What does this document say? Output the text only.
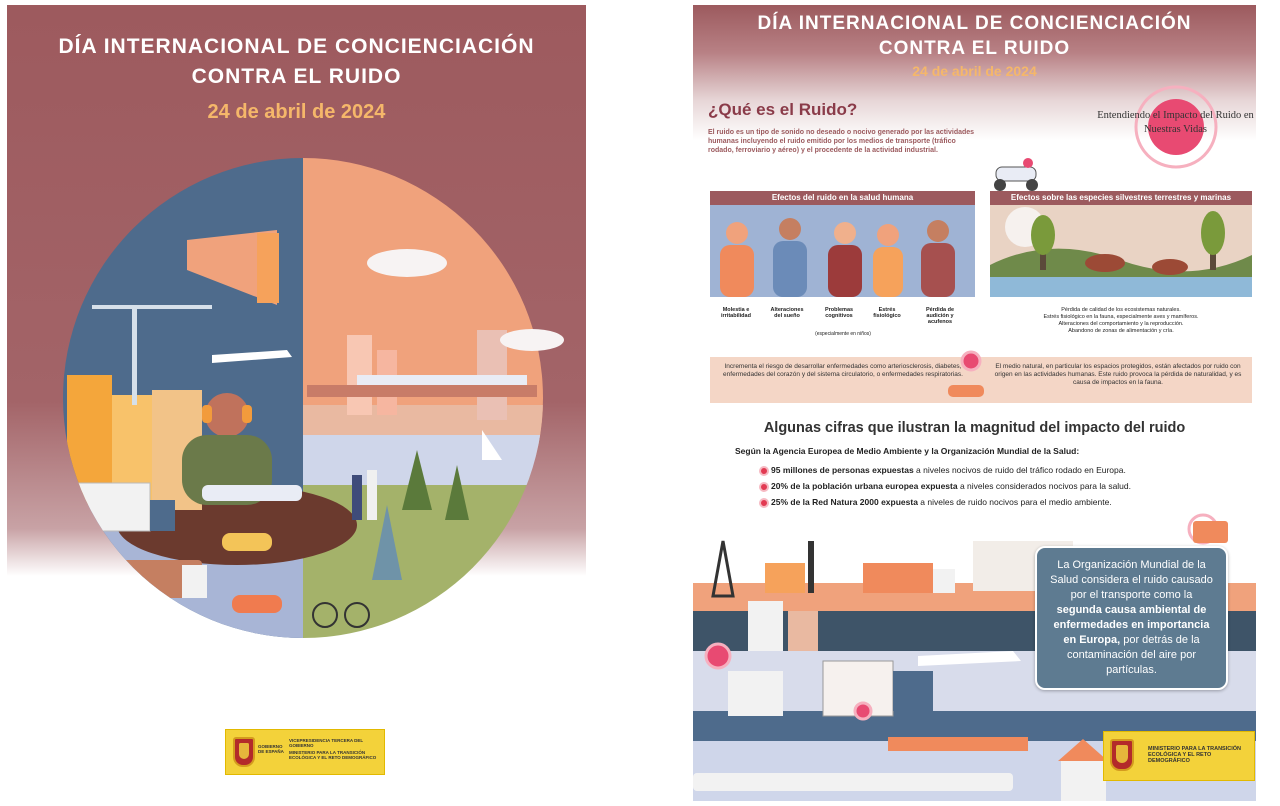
DÍA INTERNACIONAL DE CONCIENCIACIÓN
CONTRA EL RUIDO
24 de abril de 2024
GOBIERNO DE ESPAÑA
VICEPRESIDENCIA TERCERA DEL GOBIERNO
MINISTERIO PARA LA TRANSICIÓN ECOLÓGICA Y EL RETO DEMOGRÁFICO
DÍA INTERNACIONAL DE CONCIENCIACIÓN
CONTRA EL RUIDO
24 de abril de 2024
¿Qué es el Ruido?
El ruido es un tipo de sonido no deseado o nocivo generado por las actividades humanas incluyendo el ruido emitido por los medios de transporte (tráfico rodado, ferroviario y aéreo) y el procedente de la actividad industrial.
Entendiendo el Impacto del Ruido en Nuestras Vidas
Efectos del ruido en la salud humana
Molestia e irritabilidad
Alteraciones del sueño
Problemas cognitivos
Estrés fisiológico
Pérdida de audición y acufenos
(especialmente en niños)
Efectos sobre las especies silvestres terrestres y marinas
Pérdida de calidad de los ecosistemas naturales.
Estrés fisiológico en la fauna, especialmente aves y mamíferos.
Alteraciones del comportamiento y la reproducción.
Abandono de zonas de alimentación y cría.
Incrementa el riesgo de desarrollar enfermedades como arteriosclerosis, diabetes, enfermedades del corazón y del sistema circulatorio, o enfermedades respiratorias.
El medio natural, en particular los espacios protegidos, están afectados por ruido con origen en las actividades humanas. Este ruido provoca la pérdida de naturalidad, y es causa de impactos en la fauna.
Algunas cifras que ilustran la magnitud del impacto del ruido
Según la Agencia Europea de Medio Ambiente y la Organización Mundial de la Salud:
95 millones de personas expuestas a niveles nocivos de ruido del tráfico rodado en Europa.
20% de la población urbana europea expuesta a niveles considerados nocivos para la salud.
25% de la Red Natura 2000 expuesta a niveles de ruido nocivos para el medio ambiente.
La Organización Mundial de la Salud considera el ruido causado por el transporte como la segunda causa ambiental de enfermedades en importancia en Europa, por detrás de la contaminación del aire por partículas.
MINISTERIO PARA LA TRANSICIÓN ECOLÓGICA Y EL RETO DEMOGRÁFICO
